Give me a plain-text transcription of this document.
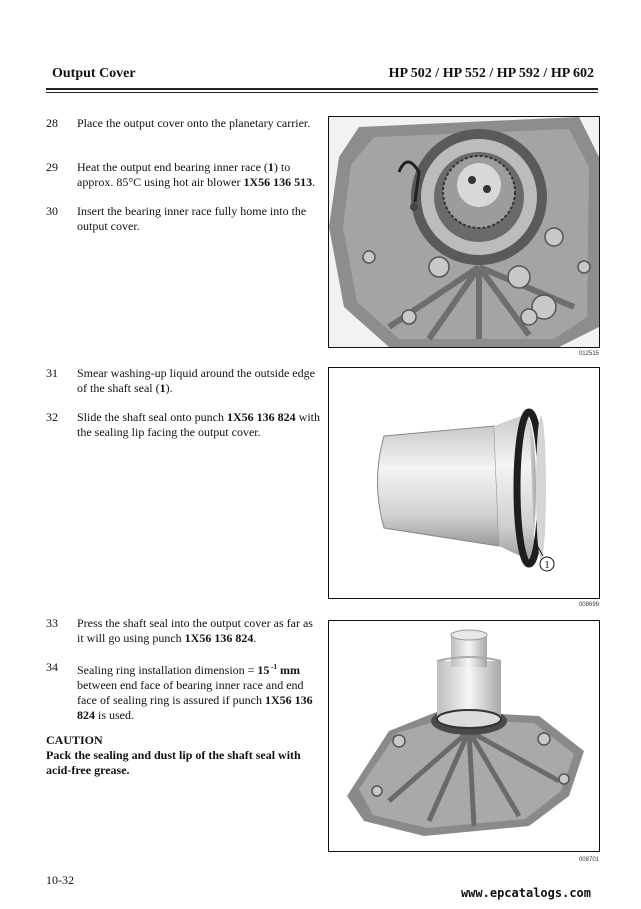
Output Cover	HP 502 / HP 552 / HP 592 / HP 602
28	Place the output cover onto the planetary carrier.
29	Heat the output end bearing inner race (1) to approx. 85°C using hot air blower 1X56 136 513.
30	Insert the bearing inner race fully home into the output cover.
31	Smear washing-up liquid around the outside edge of the shaft seal (1).
32	Slide the shaft seal onto punch 1X56 136 824 with the sealing lip facing the output cover.
33	Press the shaft seal into the output cover as far as it will go using punch 1X56 136 824.
34	Sealing ring installation dimension = 15 $^{-1}$ mm between end face of bearing inner race and end face of sealing ring is assured if punch 1X56 136 824 is used.
CAUTION
Pack the sealing and dust lip of the shaft seal with acid-free grease.
012515
1
008699
008701
10-32
www.epcatalogs.com
